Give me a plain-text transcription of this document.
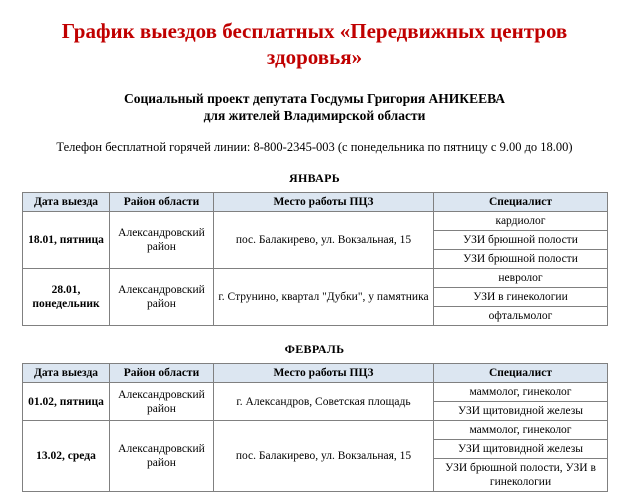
График выездов бесплатных «Передвижных центров здоровья»
Социальный проект депутата Госдумы Григория АНИКЕЕВА
для жителей Владимирской области
Телефон бесплатной горячей линии: 8-800-2345-003 (с понедельника по пятницу с 9.00 до 18.00)
ЯНВАРЬ
Дата выезда	Район области	Место работы ПЦЗ	Специалист
18.01, пятница	Александровский район	пос. Балакирево, ул. Вокзальная, 15	кардиолог
			УЗИ брюшной полости
			УЗИ брюшной полости
28.01, понедельник	Александровский район	г. Струнино, квартал "Дубки", у памятника	невролог
			УЗИ в гинекологии
			офтальмолог
ФЕВРАЛЬ
Дата выезда	Район области	Место работы ПЦЗ	Специалист
01.02, пятница	Александровский район	г. Александров, Советская площадь	маммолог, гинеколог
			УЗИ щитовидной железы
13.02, среда	Александровский район	пос. Балакирево, ул. Вокзальная, 15	маммолог, гинеколог
			УЗИ щитовидной железы
			УЗИ брюшной полости, УЗИ в гинекологии
